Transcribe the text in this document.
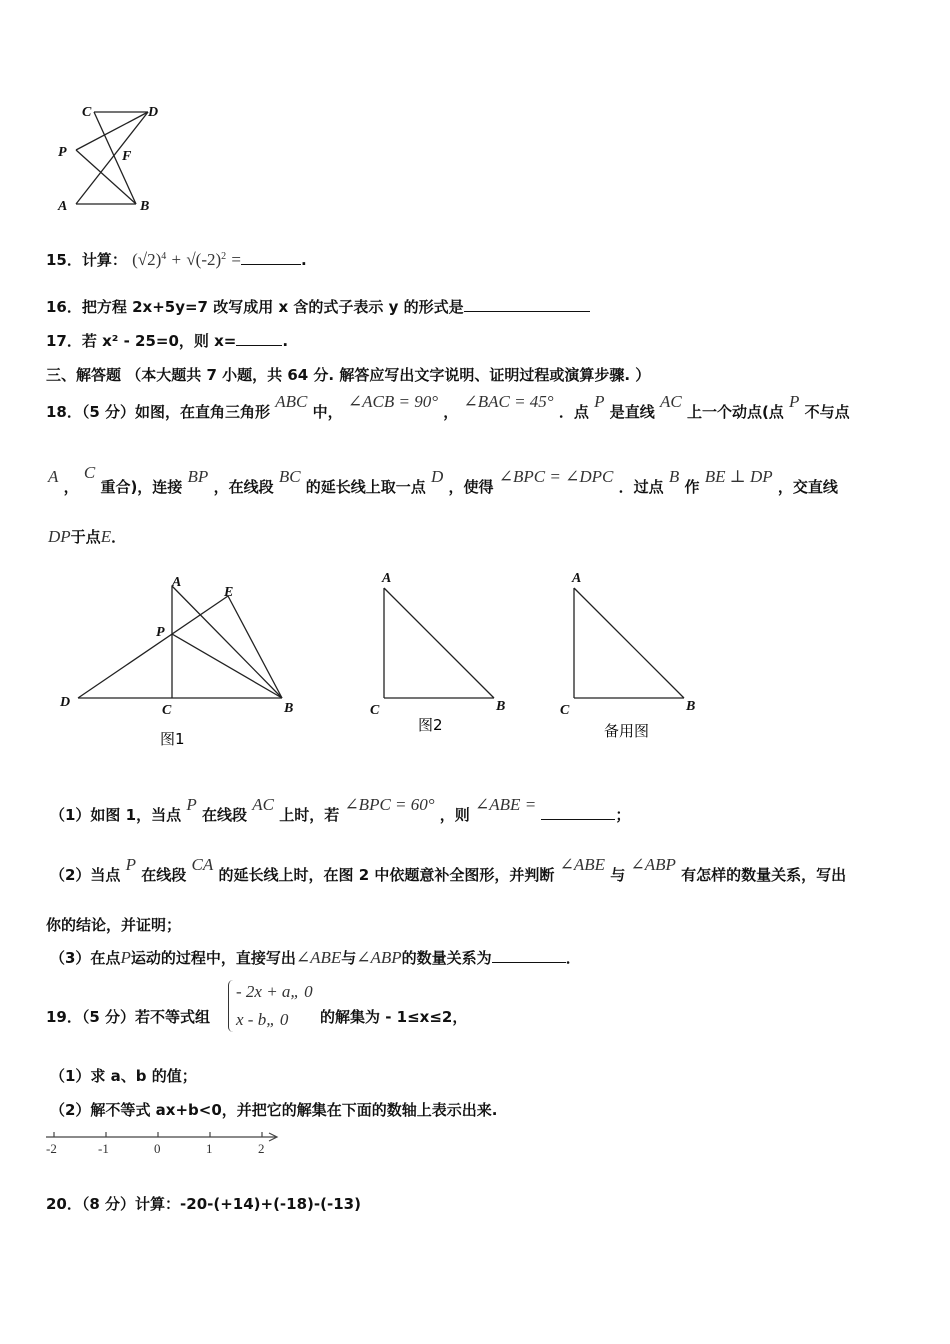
C	D
P	F
A	B
15．计算： $(√2)^4 + √(-2)^2$ =	.
16．把方程 2x+5y=7 改写成用 x 含的式子表示 y 的形式是
17．若 x² - 25=0，则 x=	.
三、解答题 （本大题共 7 小题，共 64 分. 解答应写出文字说明、证明过程或演算步骤. ）
18．（5 分）如图，在直角三角形 ABC 中， ∠ACB = 90° ， ∠BAC = 45° ．点 P 是直线 AC 上一个动点(点 P 不与点
A ， C 重合)，连接 BP ，在线段 BC 的延长线上取一点 D ，使得 ∠BPC = ∠DPC ．过点 B 作 BE ⊥ DP ，交直线
DP于点E．
A
E
P
D
C	B
图1
A
C	B
图2
A
C	B
备用图
（1）如图 1，当点 P 在线段 AC 上时，若 ∠BPC = 60° ，则 ∠ABE = ；
（2）当点 P 在线段 CA 的延长线上时，在图 2 中依题意补全图形，并判断 ∠ABE 与 ∠ABP 有怎样的数量关系，写出
你的结论，并证明；
（3）在点P运动的过程中，直接写出∠ABE与∠ABP的数量关系为	．
19．（5 分）若不等式组
- 2x + a„ 0
x - b„ 0 的解集为 - 1≤x≤2，
（1）求 a、b 的值；
（2）解不等式 ax+b<0，并把它的解集在下面的数轴上表示出来.
-2	-1	0	1	2
20．（8 分）计算：-20-(+14)+(-18)-(-13)
